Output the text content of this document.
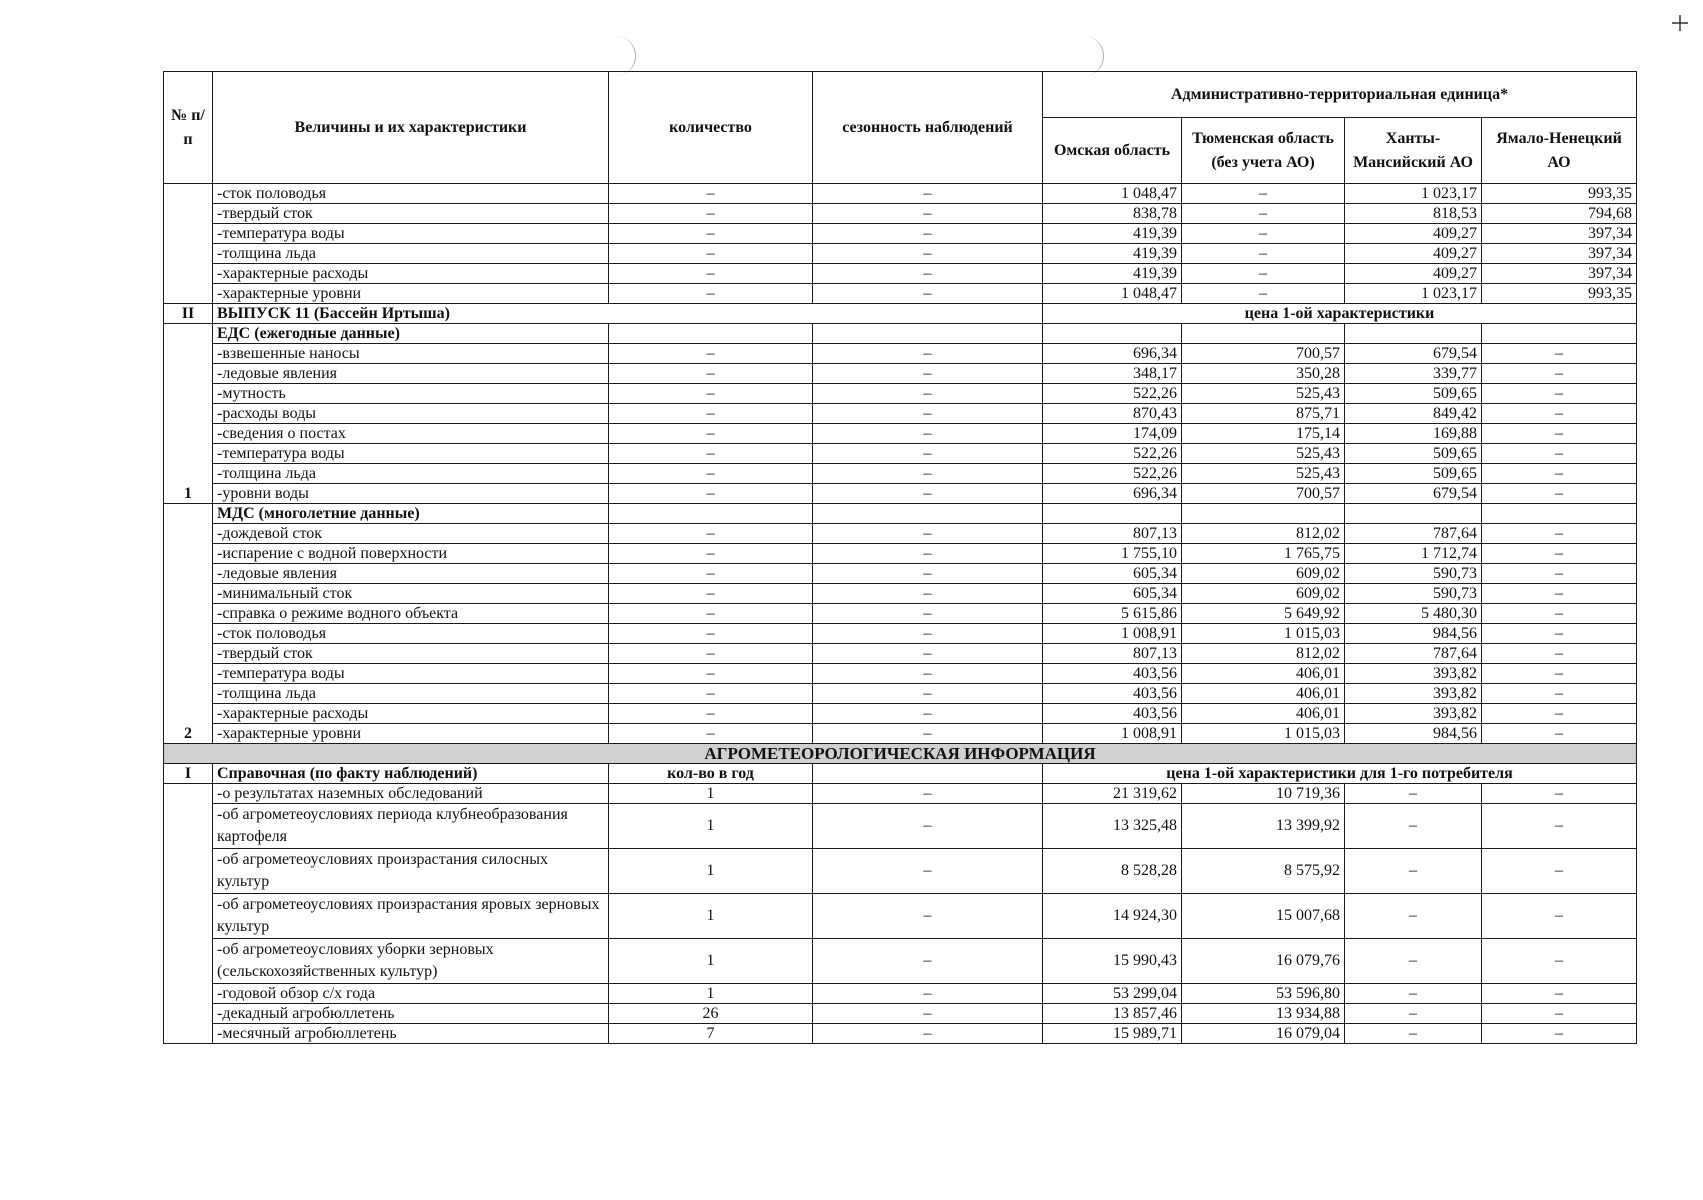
№ п/п	Величины и их характеристики	количество	сезонность наблюдений	Административно-территориальная единица*			
				Омская область	Тюменская область (без учета АО)	Ханты-Мансийский АО	Ямало-Ненецкий АО
	-сток половодья	–	–	1 048,47	–	1 023,17	993,35
	-твердый сток	–	–	838,78	–	818,53	794,68
	-температура воды	–	–	419,39	–	409,27	397,34
	-толщина льда	–	–	419,39	–	409,27	397,34
	-характерные расходы	–	–	419,39	–	409,27	397,34
	-характерные уровни	–	–	1 048,47	–	1 023,17	993,35
II	ВЫПУСК 11 (Бассейн Иртыша)			цена 1-ой характеристики			
1	ЕДС (ежегодные данные)						
	-взвешенные наносы	–	–	696,34	700,57	679,54	–
	-ледовые явления	–	–	348,17	350,28	339,77	–
	-мутность	–	–	522,26	525,43	509,65	–
	-расходы воды	–	–	870,43	875,71	849,42	–
	-сведения о постах	–	–	174,09	175,14	169,88	–
	-температура воды	–	–	522,26	525,43	509,65	–
	-толщина льда	–	–	522,26	525,43	509,65	–
	-уровни воды	–	–	696,34	700,57	679,54	–
2	МДС (многолетние данные)						
	-дождевой сток	–	–	807,13	812,02	787,64	–
	-испарение с водной поверхности	–	–	1 755,10	1 765,75	1 712,74	–
	-ледовые явления	–	–	605,34	609,02	590,73	–
	-минимальный сток	–	–	605,34	609,02	590,73	–
	-справка о режиме водного объекта	–	–	5 615,86	5 649,92	5 480,30	–
	-сток половодья	–	–	1 008,91	1 015,03	984,56	–
	-твердый сток	–	–	807,13	812,02	787,64	–
	-температура воды	–	–	403,56	406,01	393,82	–
	-толщина льда	–	–	403,56	406,01	393,82	–
	-характерные расходы	–	–	403,56	406,01	393,82	–
	-характерные уровни	–	–	1 008,91	1 015,03	984,56	–
АГРОМЕТЕОРОЛОГИЧЕСКАЯ ИНФОРМАЦИЯ							
I	Справочная (по факту наблюдений)	кол-во в год		цена 1-ой характеристики для 1-го потребителя			
	-о результатах наземных обследований	1	–	21 319,62	10 719,36	–	–
	-об агрометеоусловиях периода клубнеобразования картофеля	1	–	13 325,48	13 399,92	–	–
	-об агрометеоусловиях произрастания силосных культур	1	–	8 528,28	8 575,92	–	–
	-об агрометеоусловиях произрастания яровых зерновых культур	1	–	14 924,30	15 007,68	–	–
	-об агрометеоусловиях уборки зерновых (сельскохозяйственных культур)	1	–	15 990,43	16 079,76	–	–
	-годовой обзор с/х года	1	–	53 299,04	53 596,80	–	–
	-декадный агробюллетень	26	–	13 857,46	13 934,88	–	–
	-месячный агробюллетень	7	–	15 989,71	16 079,04	–	–
